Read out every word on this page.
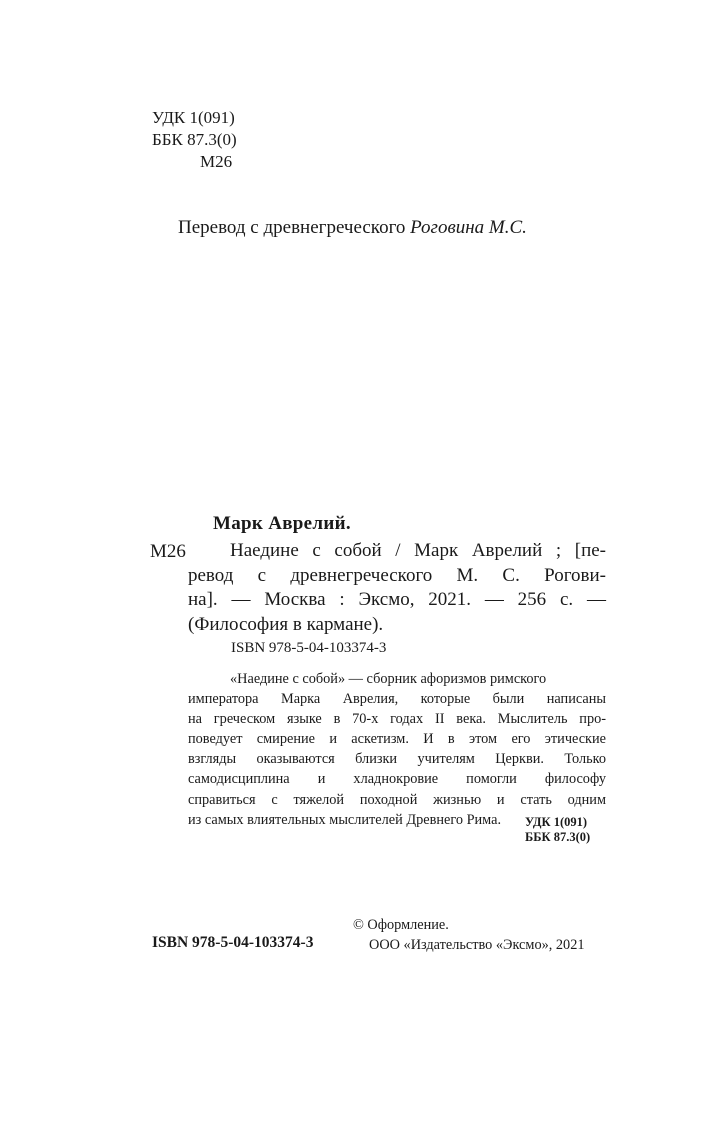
УДК 1(091)
ББК 87.3(0)
М26
Перевод с древнегреческого Роговина М.С.
Марк Аврелий.
М26	Наедине с собой / Марк Аврелий ; [пе-
ревод с древнегреческого М. С. Рогови-
на]. — Москва : Эксмо, 2021. — 256 с. —
(Философия в кармане).
ISBN 978-5-04-103374-3
«Наедине с собой» — сборник афоризмов римского
императора Марка Аврелия, которые были написаны
на греческом языке в 70-х годах II века. Мыслитель про-
поведует смирение и аскетизм. И в этом его этические
взгляды оказываются близки учителям Церкви. Только
самодисциплина и хладнокровие помогли философу
справиться с тяжелой походной жизнью и стать одним
из самых влиятельных мыслителей Древнего Рима.	УДК 1(091)
ББК 87.3(0)
ISBN 978-5-04-103374-3
© Оформление.
ООО «Издательство «Эксмо», 2021
